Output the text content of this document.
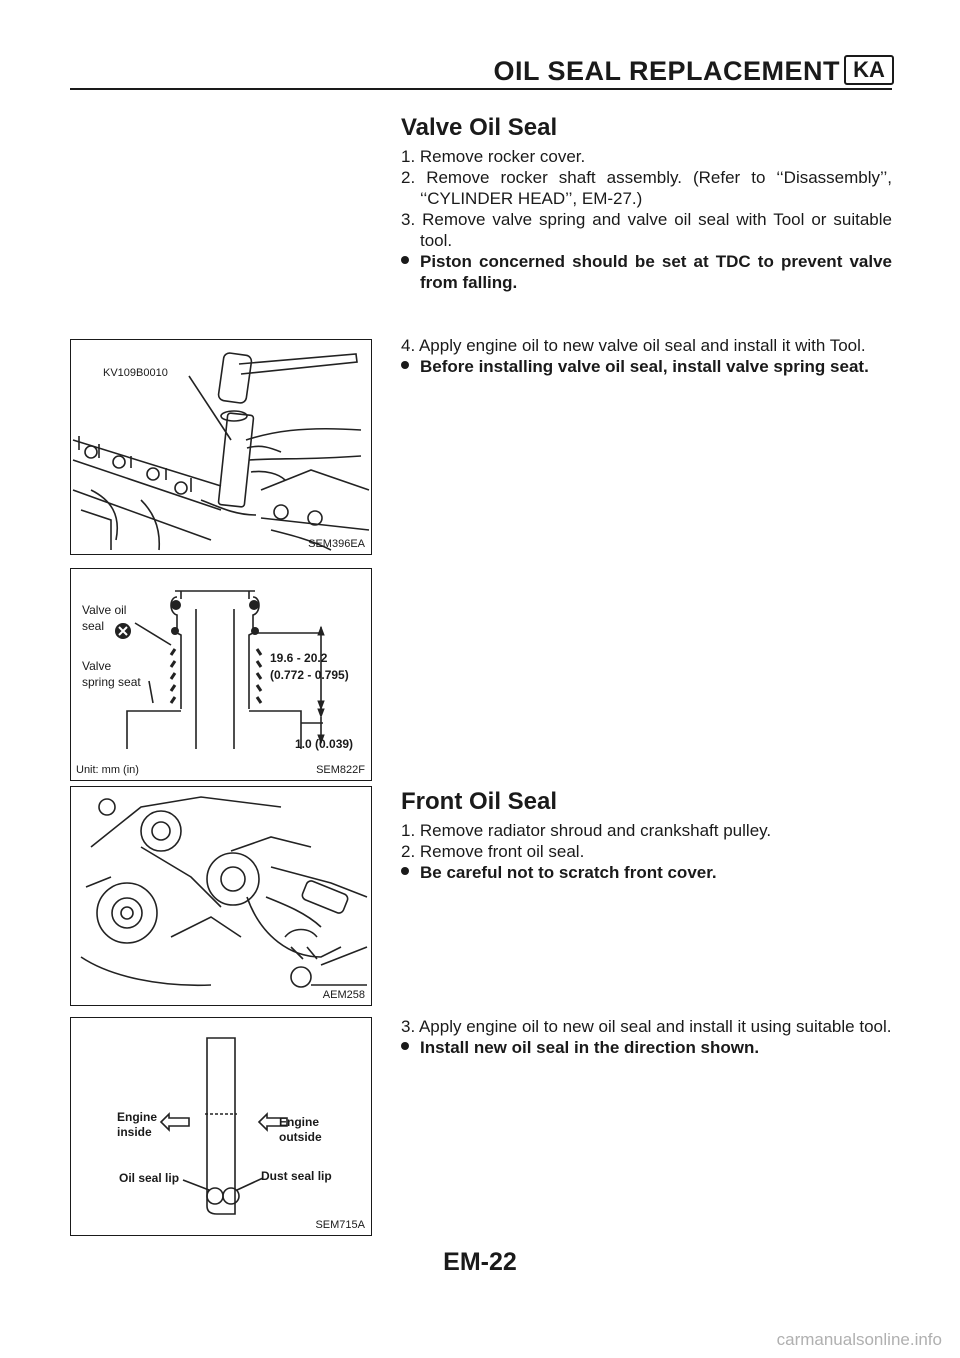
OIL SEAL REPLACEMENT KA
Valve Oil Seal

1. Remove rocker cover.

2. Remove rocker shaft assembly. (Refer to ‘‘Disassembly’’, ‘‘CYLINDER HEAD’’, EM-27.)

3. Remove valve spring and valve oil seal with Tool or suitable tool.

Piston concerned should be set at TDC to prevent valve from falling.

4. Apply engine oil to new valve oil seal and install it with Tool.

Before installing valve oil seal, install valve spring seat.

Front Oil Seal

1. Remove radiator shroud and crankshaft pulley.

2. Remove front oil seal.

Be careful not to scratch front cover.

3. Apply engine oil to new oil seal and install it using suitable tool.

Install new oil seal in the direction shown.

KV109B0010
SEM396EA
Valve oil
seal
Valve
spring seat
19.6 - 20.2
(0.772 - 0.795)
1.0 (0.039)
Unit: mm (in)	SEM822F
AEM258
Engine
inside
Engine
outside
Oil seal lip	Dust seal lip
SEM715A
EM-22
carmanualsonline.info
